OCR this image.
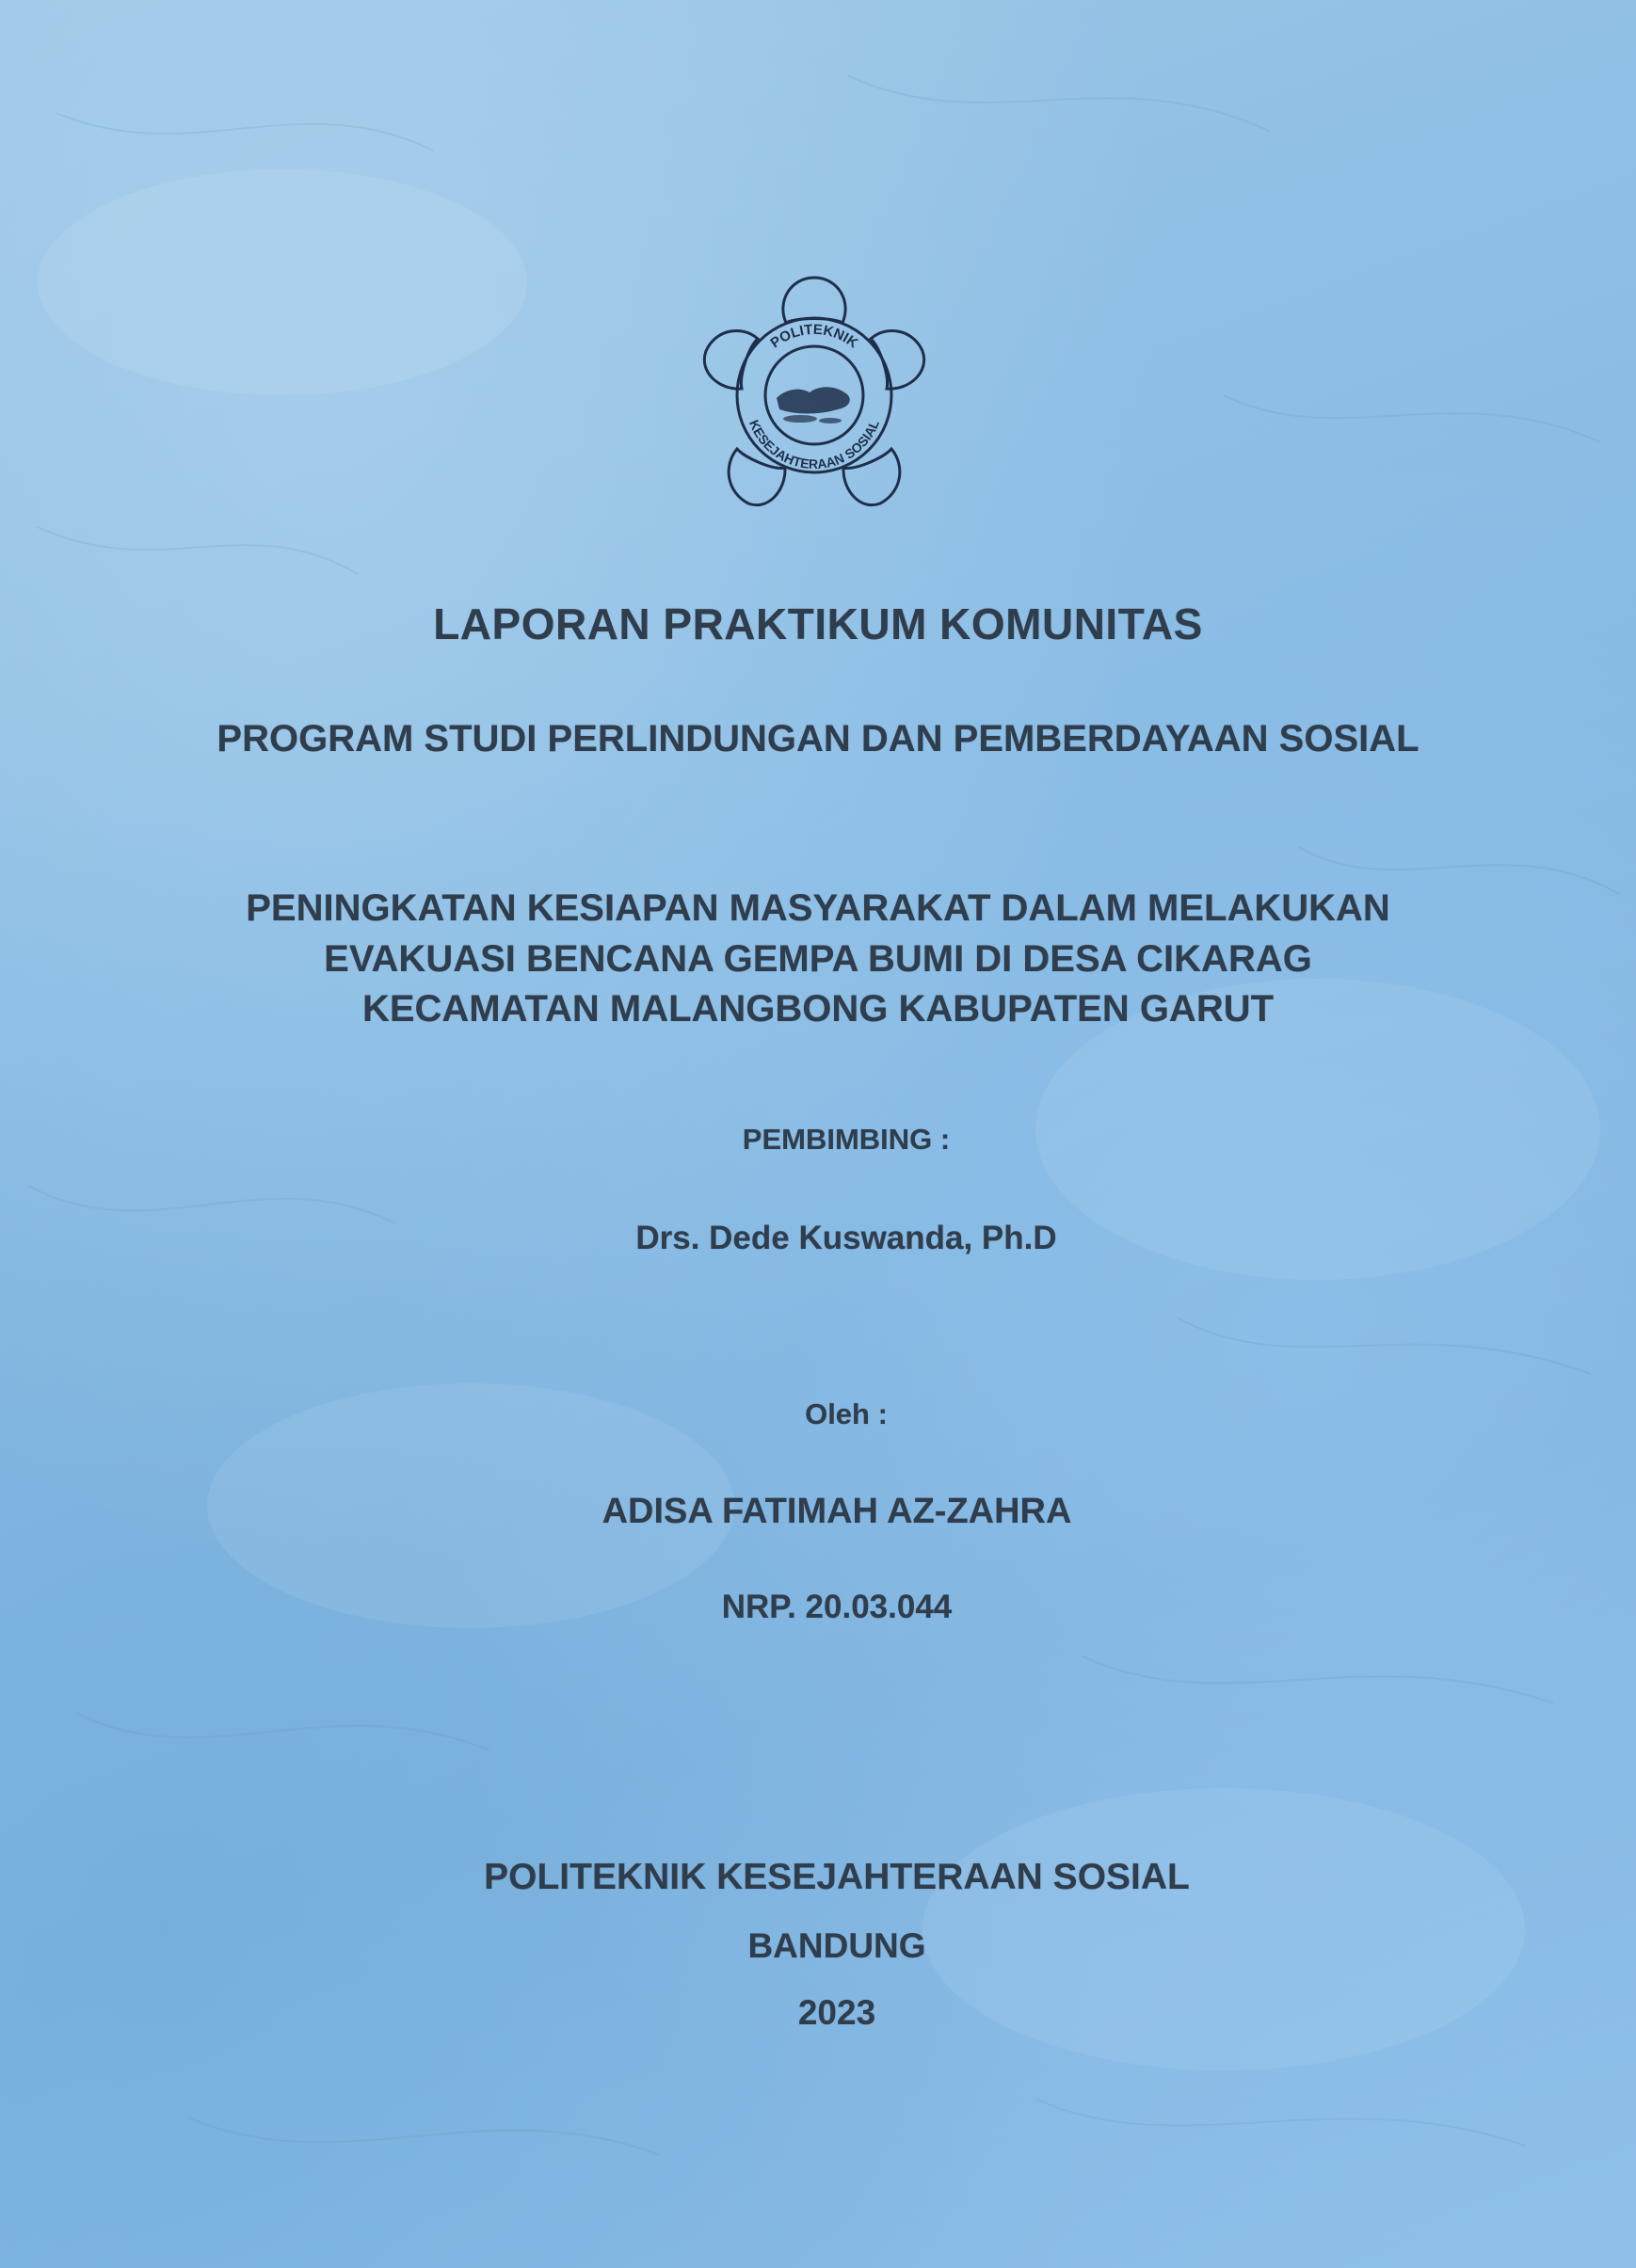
POLITEKNIK
KESEJAHTERAAN SOSIAL
LAPORAN PRAKTIKUM KOMUNITAS
PROGRAM STUDI PERLINDUNGAN DAN PEMBERDAYAAN SOSIAL
PENINGKATAN KESIAPAN MASYARAKAT DALAM MELAKUKAN
EVAKUASI BENCANA GEMPA BUMI DI DESA CIKARAG
KECAMATAN MALANGBONG KABUPATEN GARUT
PEMBIMBING :
Drs. Dede Kuswanda, Ph.D
Oleh :
ADISA FATIMAH AZ-ZAHRA
NRP. 20.03.044
POLITEKNIK KESEJAHTERAAN SOSIAL
BANDUNG
2023
